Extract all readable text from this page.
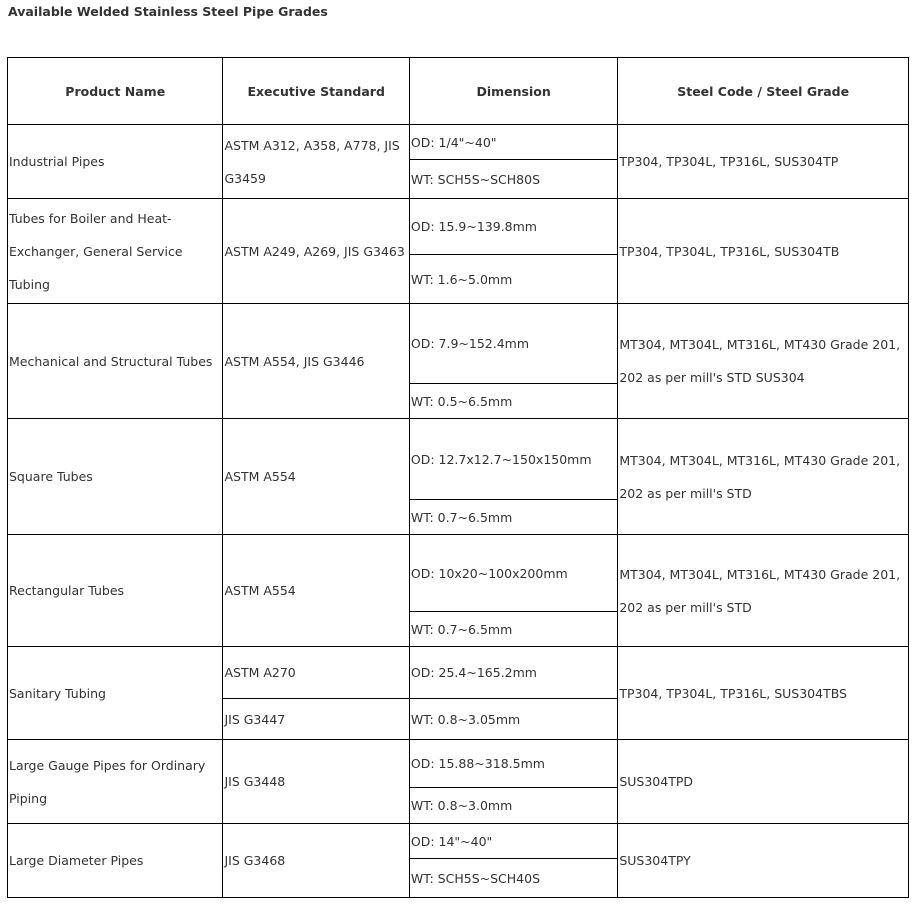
Available Welded Stainless Steel Pipe Grades
Product Name	Executive Standard	Dimension	Steel Code / Steel Grade
Industrial Pipes	ASTM A312, A358, A778, JIS G3459	OD: 1/4"~40"	TP304, TP304L, TP316L, SUS304TP
		WT: SCH5S~SCH80S	
Tubes for Boiler and Heat-Exchanger, General Service Tubing	ASTM A249, A269, JIS G3463	OD: 15.9~139.8mm	TP304, TP304L, TP316L, SUS304TB
		WT: 1.6~5.0mm	
Mechanical and Structural Tubes	ASTM A554, JIS G3446	OD: 7.9~152.4mm	MT304, MT304L, MT316L, MT430 Grade 201, 202 as per mill's STD SUS304
		WT: 0.5~6.5mm	
Square Tubes	ASTM A554	OD: 12.7x12.7~150x150mm	MT304, MT304L, MT316L, MT430 Grade 201, 202 as per mill's STD
		WT: 0.7~6.5mm	
Rectangular Tubes	ASTM A554	OD: 10x20~100x200mm	MT304, MT304L, MT316L, MT430 Grade 201, 202 as per mill's STD
		WT: 0.7~6.5mm	
Sanitary Tubing	ASTM A270	OD: 25.4~165.2mm	TP304, TP304L, TP316L, SUS304TBS
	JIS G3447	WT: 0.8~3.05mm	
Large Gauge Pipes for Ordinary Piping	JIS G3448	OD: 15.88~318.5mm	SUS304TPD
		WT: 0.8~3.0mm	
Large Diameter Pipes	JIS G3468	OD: 14"~40"	SUS304TPY
		WT: SCH5S~SCH40S	
